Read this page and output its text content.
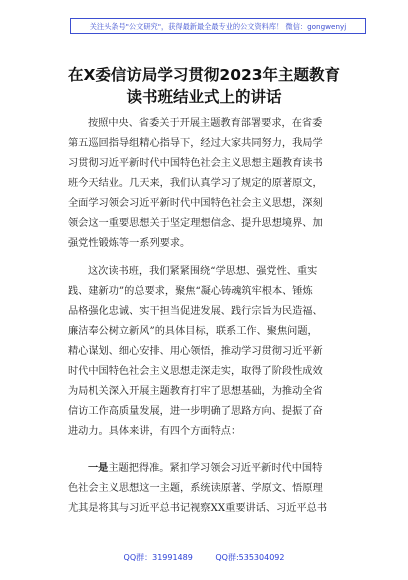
关注头条号"公文研究"，获得最新最全最专业的公文资料库！ 微信：gongwenyj
在X委信访局学习贯彻2023年主题教育
读书班结业式上的讲话
按照中央、省委关于开展主题教育部署要求，在省委
第五巡回指导组精心指导下，经过大家共同努力，我局学
习贯彻习近平新时代中国特色社会主义思想主题教育读书
班今天结业。几天来，我们认真学习了规定的原著原文，
全面学习领会习近平新时代中国特色社会主义思想，深刻
领会这一重要思想关于坚定理想信念、提升思想境界、加
强党性锻炼等一系列要求。
这次读书班，我们紧紧围绕“学思想、强党性、重实
践、建新功”的总要求，聚焦“凝心铸魂筑牢根本、锤炼
品格强化忠诚、实干担当促进发展、践行宗旨为民造福、
廉洁奉公树立新风”的具体目标，联系工作、聚焦问题，
精心谋划、细心安排、用心领悟，推动学习贯彻习近平新
时代中国特色社会主义思想走深走实，取得了阶段性成效
为局机关深入开展主题教育打牢了思想基础，为推动全省
信访工作高质量发展，进一步明确了思路方向、提振了奋
进动力。具体来讲，有四个方面特点：
一是主题把得准。紧扣学习领会习近平新时代中国特
色社会主义思想这一主题，系统读原著、学原文、悟原理
尤其是将其与习近平总书记视察XX重要讲话、习近平总书
QQ群：31991489	QQ群:535304092
